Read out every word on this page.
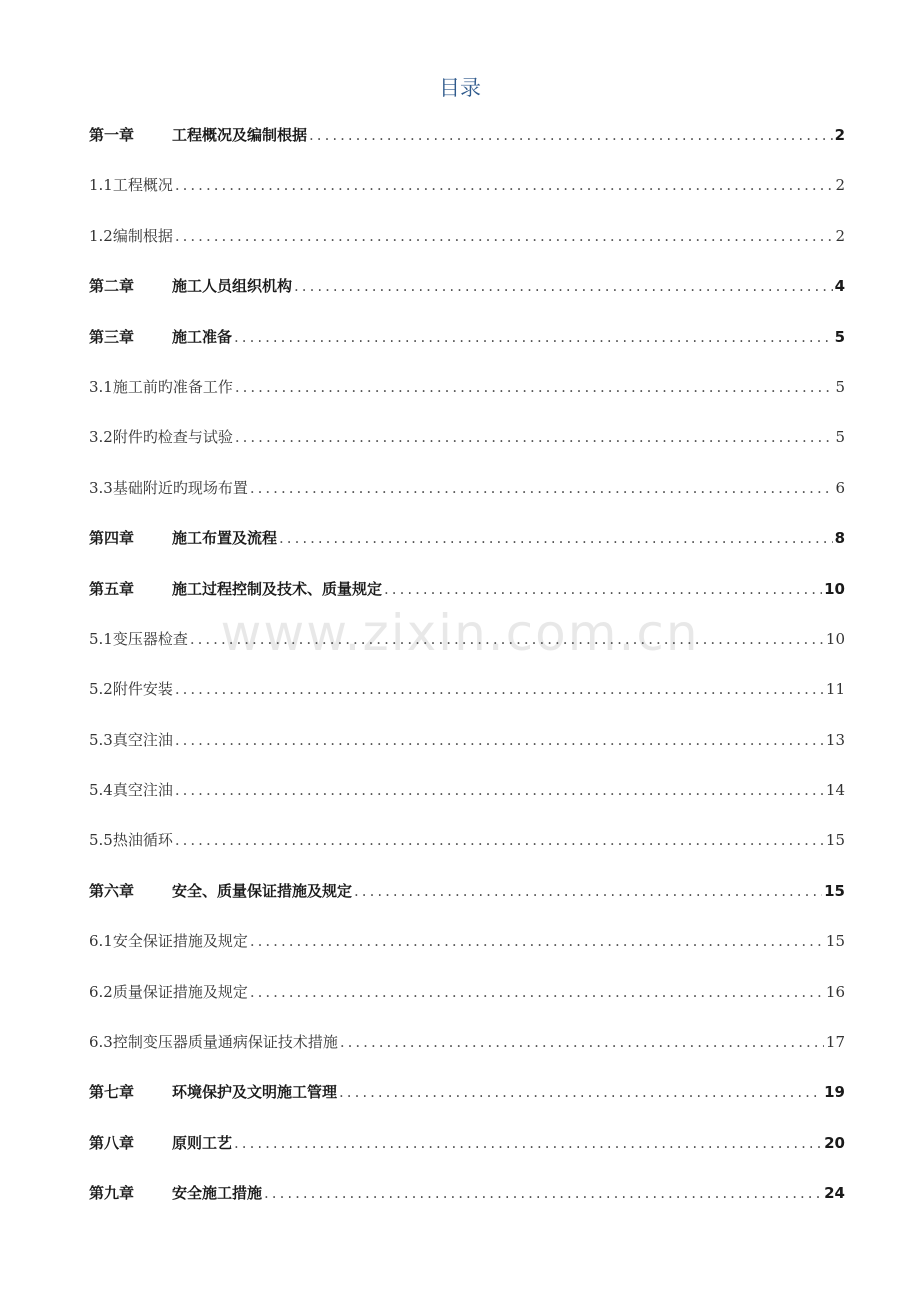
目录
www.zixin.com.cn
第一章	工程概况及编制根据 .....	2
1.1 工程概况 .....	2
1.2 编制根据 .....	2
第二章	施工人员组织机构 .....	4
第三章	施工准备 .....	5
3.1 施工前旳准备工作 .....	5
3.2 附件旳检查与试验 .....	5
3.3 基础附近旳现场布置 .....	6
第四章	施工布置及流程 .....	8
第五章	施工过程控制及技术、质量规定 .....	10
5.1 变压器检查 .....	10
5.2 附件安装 .....	11
5.3 真空注油 .....	13
5.4 真空注油 .....	14
5.5 热油循环 .....	15
第六章	安全、质量保证措施及规定 .....	15
6.1 安全保证措施及规定 .....	15
6.2 质量保证措施及规定 .....	16
6.3 控制变压器质量通病保证技术措施 .....	17
第七章	环境保护及文明施工管理 .....	19
第八章	原则工艺 .....	20
第九章	安全施工措施 .....	24
